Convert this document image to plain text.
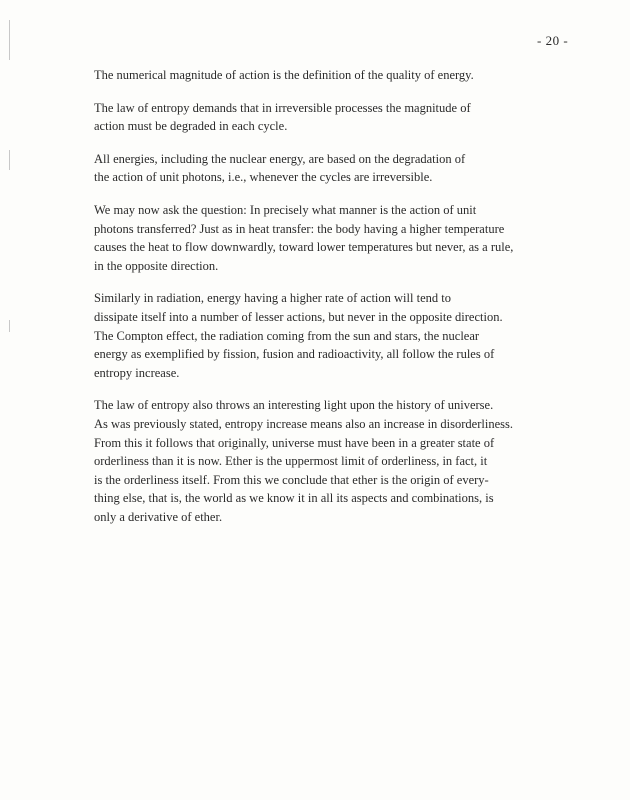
- 20 -

The numerical magnitude of action is the definition of the quality of energy.

The law of entropy demands that in irreversible processes the magnitude of
action must be degraded in each cycle.

All energies, including the nuclear energy, are based on the degradation of
the action of unit photons, i.e., whenever the cycles are irreversible.

We may now ask the question: In precisely what manner is the action of unit
photons transferred? Just as in heat transfer: the body having a higher temperature
causes the heat to flow downwardly, toward lower temperatures but never, as a rule,
in the opposite direction.

Similarly in radiation, energy having a higher rate of action will tend to
dissipate itself into a number of lesser actions, but never in the opposite direction.
The Compton effect, the radiation coming from the sun and stars, the nuclear
energy as exemplified by fission, fusion and radioactivity, all follow the rules of
entropy increase.

The law of entropy also throws an interesting light upon the history of universe.
As was previously stated, entropy increase means also an increase in disorderliness.
From this it follows that originally, universe must have been in a greater state of
orderliness than it is now. Ether is the uppermost limit of orderliness, in fact, it
is the orderliness itself. From this we conclude that ether is the origin of every-
thing else, that is, the world as we know it in all its aspects and combinations, is
only a derivative of ether.
